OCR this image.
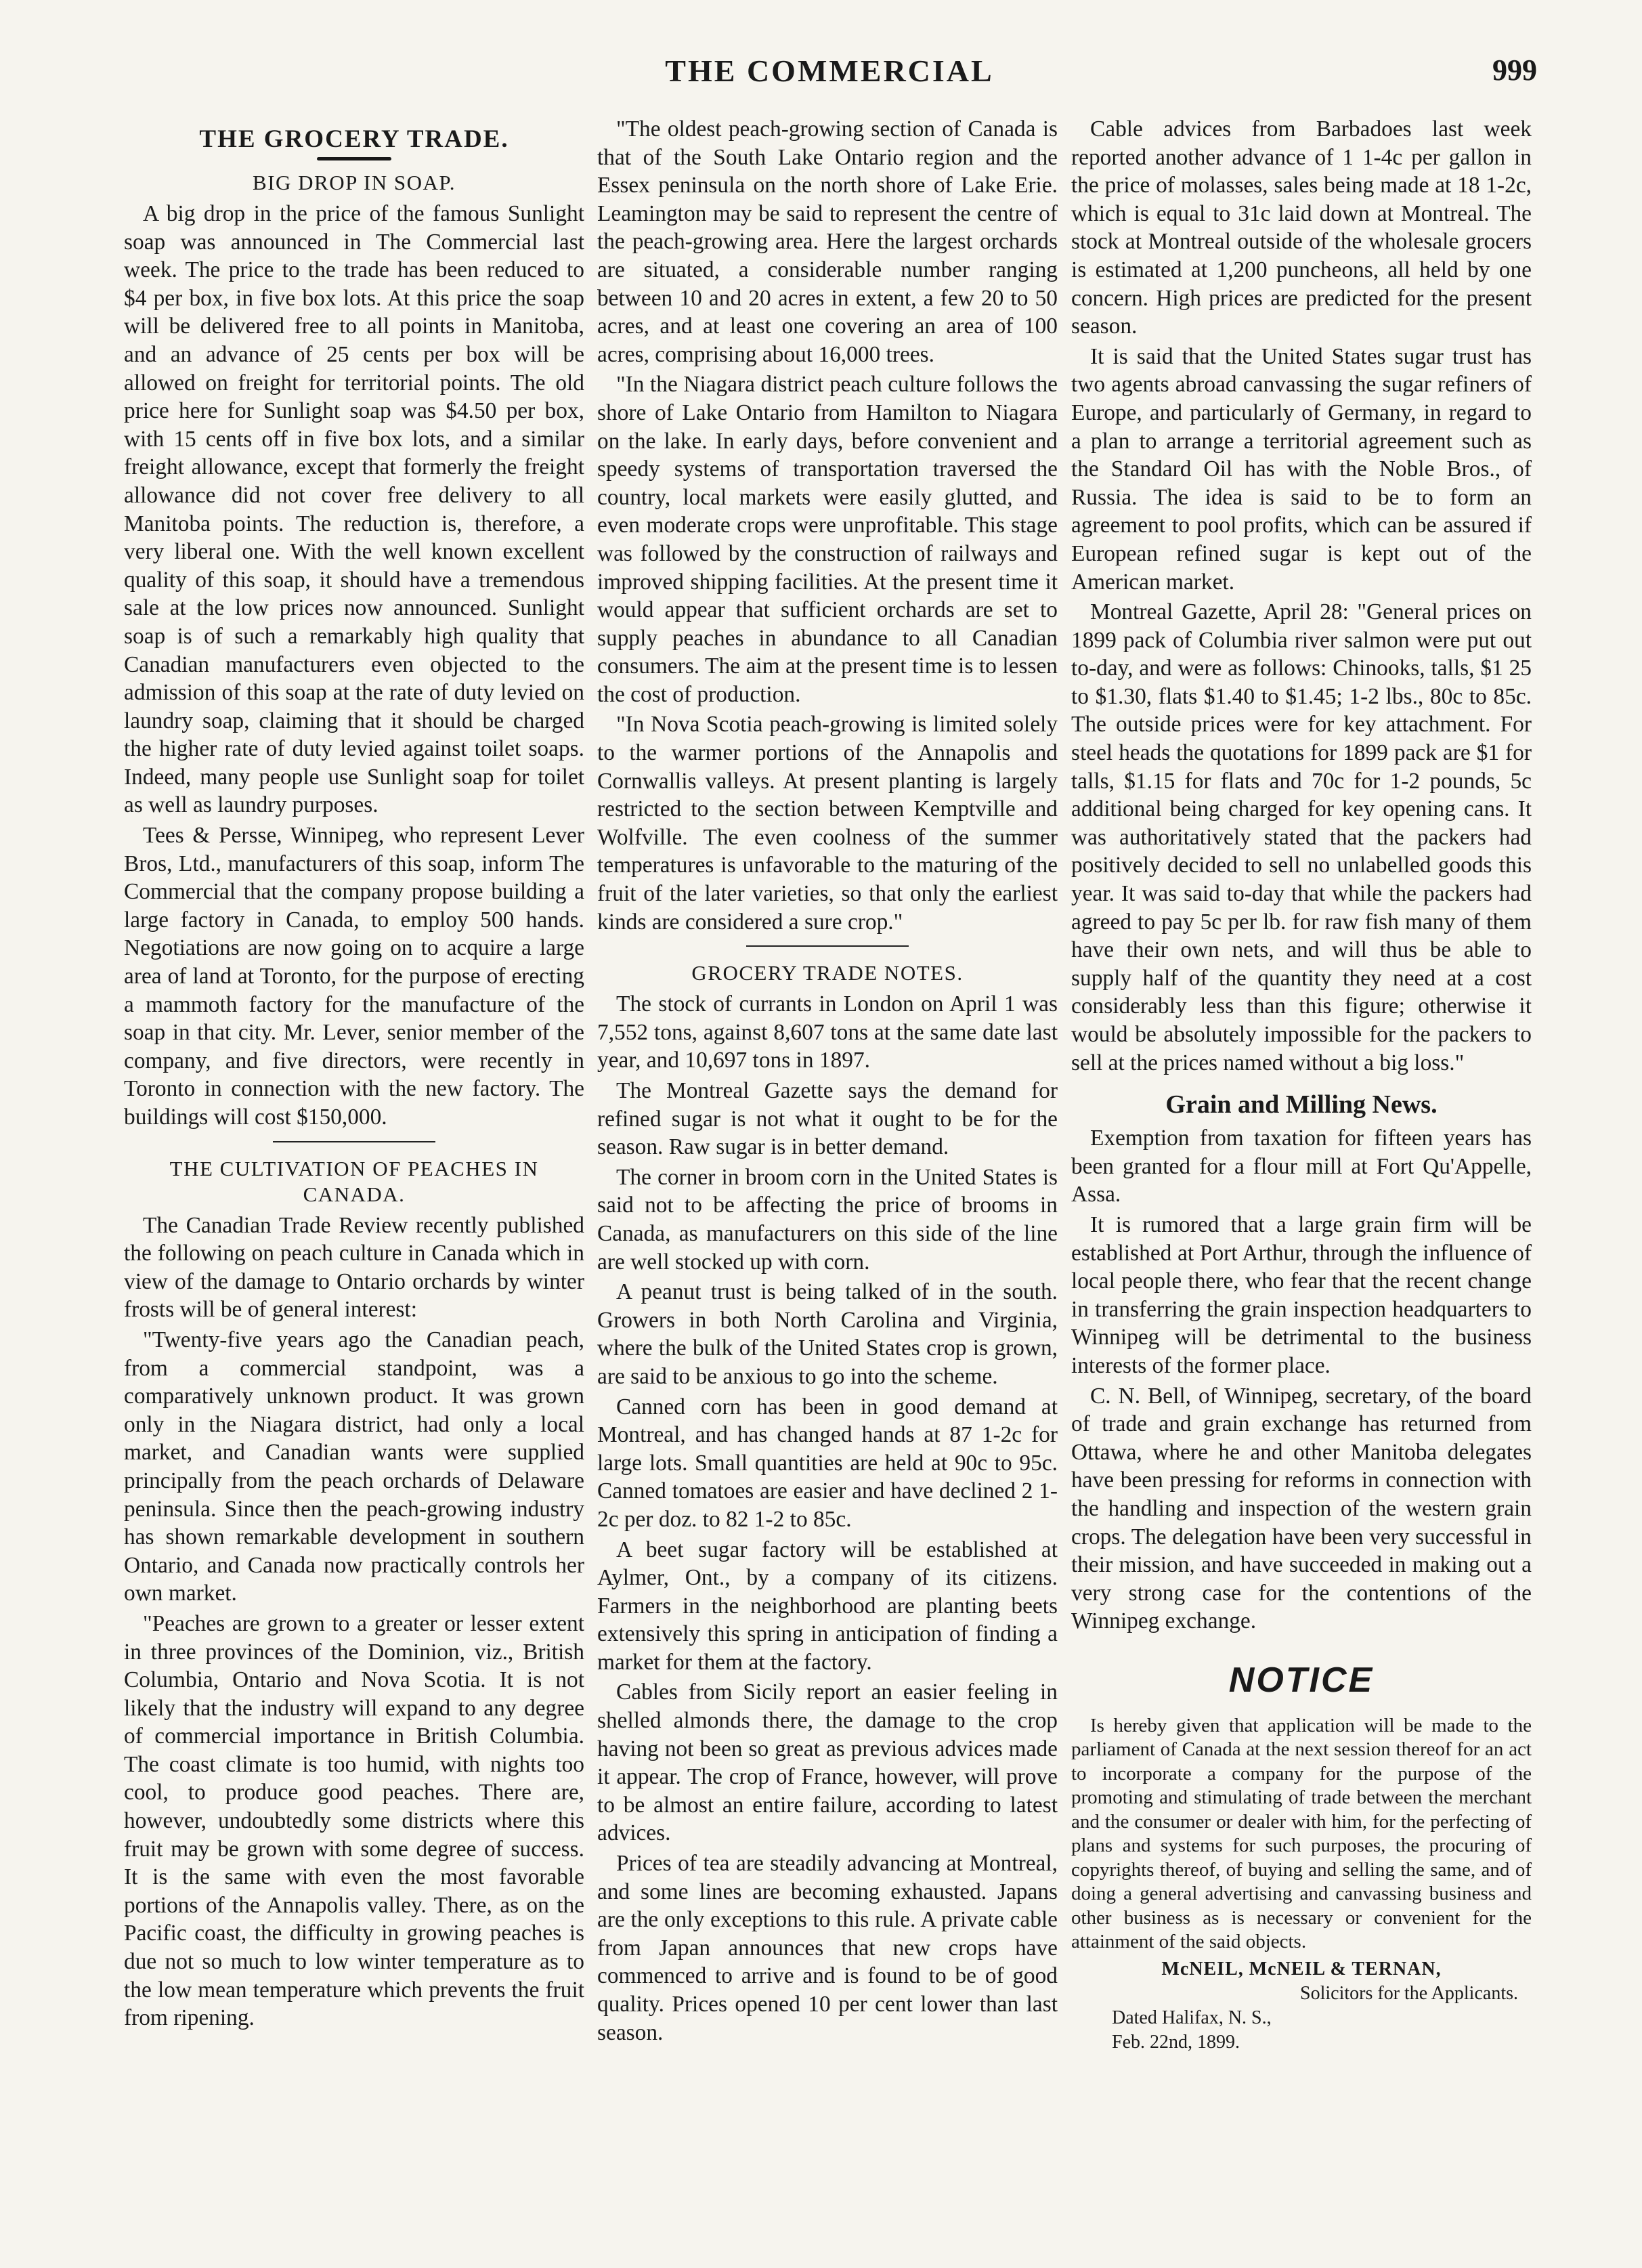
THE COMMERCIAL	999
THE GROCERY TRADE.
BIG DROP IN SOAP.

A big drop in the price of the famous Sunlight soap was announced in The Commercial last week. The price to the trade has been reduced to $4 per box, in five box lots. At this price the soap will be delivered free to all points in Manitoba, and an advance of 25 cents per box will be allowed on freight for territorial points. The old price here for Sunlight soap was $4.50 per box, with 15 cents off in five box lots, and a similar freight allowance, except that formerly the freight allowance did not cover free delivery to all Manitoba points. The reduction is, therefore, a very liberal one. With the well known excellent quality of this soap, it should have a tremendous sale at the low prices now announced. Sunlight soap is of such a remarkably high quality that Canadian manufacturers even objected to the admission of this soap at the rate of duty levied on laundry soap, claiming that it should be charged the higher rate of duty levied against toilet soaps. Indeed, many people use Sunlight soap for toilet as well as laundry purposes.

Tees & Persse, Winnipeg, who represent Lever Bros, Ltd., manufacturers of this soap, inform The Commercial that the company propose building a large factory in Canada, to employ 500 hands. Negotiations are now going on to acquire a large area of land at Toronto, for the purpose of erecting a mammoth factory for the manufacture of the soap in that city. Mr. Lever, senior member of the company, and five directors, were recently in Toronto in connection with the new factory. The buildings will cost $150,000.

THE CULTIVATION OF PEACHES IN CANADA.

The Canadian Trade Review recently published the following on peach culture in Canada which in view of the damage to Ontario orchards by winter frosts will be of general interest:

"Twenty-five years ago the Canadian peach, from a commercial standpoint, was a comparatively unknown product. It was grown only in the Niagara district, had only a local market, and Canadian wants were supplied principally from the peach orchards of Delaware peninsula. Since then the peach-growing industry has shown remarkable development in southern Ontario, and Canada now practically controls her own market.

"Peaches are grown to a greater or lesser extent in three provinces of the Dominion, viz., British Columbia, Ontario and Nova Scotia. It is not likely that the industry will expand to any degree of commercial importance in British Columbia. The coast climate is too humid, with nights too cool, to produce good peaches. There are, however, undoubtedly some districts where this fruit may be grown with some degree of success. It is the same with even the most favorable portions of the Annapolis valley. There, as on the Pacific coast, the difficulty in growing peaches is due not so much to low winter temperature as to the low mean temperature which prevents the fruit from ripening.

"The oldest peach-growing section of Canada is that of the South Lake Ontario region and the Essex peninsula on the north shore of Lake Erie. Leamington may be said to represent the centre of the peach-growing area. Here the largest orchards are situated, a considerable number ranging between 10 and 20 acres in extent, a few 20 to 50 acres, and at least one covering an area of 100 acres, comprising about 16,000 trees.

"In the Niagara district peach culture follows the shore of Lake Ontario from Hamilton to Niagara on the lake. In early days, before convenient and speedy systems of transportation traversed the country, local markets were easily glutted, and even moderate crops were unprofitable. This stage was followed by the construction of railways and improved shipping facilities. At the present time it would appear that sufficient orchards are set to supply peaches in abundance to all Canadian consumers. The aim at the present time is to lessen the cost of production.

"In Nova Scotia peach-growing is limited solely to the warmer portions of the Annapolis and Cornwallis valleys. At present planting is largely restricted to the section between Kemptville and Wolfville. The even coolness of the summer temperatures is unfavorable to the maturing of the fruit of the later varieties, so that only the earliest kinds are considered a sure crop."

GROCERY TRADE NOTES.

The stock of currants in London on April 1 was 7,552 tons, against 8,607 tons at the same date last year, and 10,697 tons in 1897.

The Montreal Gazette says the demand for refined sugar is not what it ought to be for the season. Raw sugar is in better demand.

The corner in broom corn in the United States is said not to be affecting the price of brooms in Canada, as manufacturers on this side of the line are well stocked up with corn.

A peanut trust is being talked of in the south. Growers in both North Carolina and Virginia, where the bulk of the United States crop is grown, are said to be anxious to go into the scheme.

Canned corn has been in good demand at Montreal, and has changed hands at 87 1-2c for large lots. Small quantities are held at 90c to 95c. Canned tomatoes are easier and have declined 2 1-2c per doz. to 82 1-2 to 85c.

A beet sugar factory will be established at Aylmer, Ont., by a company of its citizens. Farmers in the neighborhood are planting beets extensively this spring in anticipation of finding a market for them at the factory.

Cables from Sicily report an easier feeling in shelled almonds there, the damage to the crop having not been so great as previous advices made it appear. The crop of France, however, will prove to be almost an entire failure, according to latest advices.

Prices of tea are steadily advancing at Montreal, and some lines are becoming exhausted. Japans are the only exceptions to this rule. A private cable from Japan announces that new crops have commenced to arrive and is found to be of good quality. Prices opened 10 per cent lower than last season.

Cable advices from Barbadoes last week reported another advance of 1 1-4c per gallon in the price of molasses, sales being made at 18 1-2c, which is equal to 31c laid down at Montreal. The stock at Montreal outside of the wholesale grocers is estimated at 1,200 puncheons, all held by one concern. High prices are predicted for the present season.

It is said that the United States sugar trust has two agents abroad canvassing the sugar refiners of Europe, and particularly of Germany, in regard to a plan to arrange a territorial agreement such as the Standard Oil has with the Noble Bros., of Russia. The idea is said to be to form an agreement to pool profits, which can be assured if European refined sugar is kept out of the American market.

Montreal Gazette, April 28: "General prices on 1899 pack of Columbia river salmon were put out to-day, and were as follows: Chinooks, talls, $1 25 to $1.30, flats $1.40 to $1.45; 1-2 lbs., 80c to 85c. The outside prices were for key attachment. For steel heads the quotations for 1899 pack are $1 for talls, $1.15 for flats and 70c for 1-2 pounds, 5c additional being charged for key opening cans. It was authoritatively stated that the packers had positively decided to sell no unlabelled goods this year. It was said to-day that while the packers had agreed to pay 5c per lb. for raw fish many of them have their own nets, and will thus be able to supply half of the quantity they need at a cost considerably less than this figure; otherwise it would be absolutely impossible for the packers to sell at the prices named without a big loss."

Grain and Milling News.

Exemption from taxation for fifteen years has been granted for a flour mill at Fort Qu'Appelle, Assa.

It is rumored that a large grain firm will be established at Port Arthur, through the influence of local people there, who fear that the recent change in transferring the grain inspection headquarters to Winnipeg will be detrimental to the business interests of the former place.

C. N. Bell, of Winnipeg, secretary, of the board of trade and grain exchange has returned from Ottawa, where he and other Manitoba delegates have been pressing for reforms in connection with the handling and inspection of the western grain crops. The delegation have been very successful in their mission, and have succeeded in making out a very strong case for the contentions of the Winnipeg exchange.

NOTICE

Is hereby given that application will be made to the parliament of Canada at the next session thereof for an act to incorporate a company for the purpose of the promoting and stimulating of trade between the merchant and the consumer or dealer with him, for the perfecting of plans and systems for such purposes, the procuring of copyrights thereof, of buying and selling the same, and of doing a general advertising and canvassing business and other business as is necessary or convenient for the attainment of the said objects.

McNEIL, McNEIL & TERNAN,
Solicitors for the Applicants.
Dated Halifax, N. S.,
Feb. 22nd, 1899.
